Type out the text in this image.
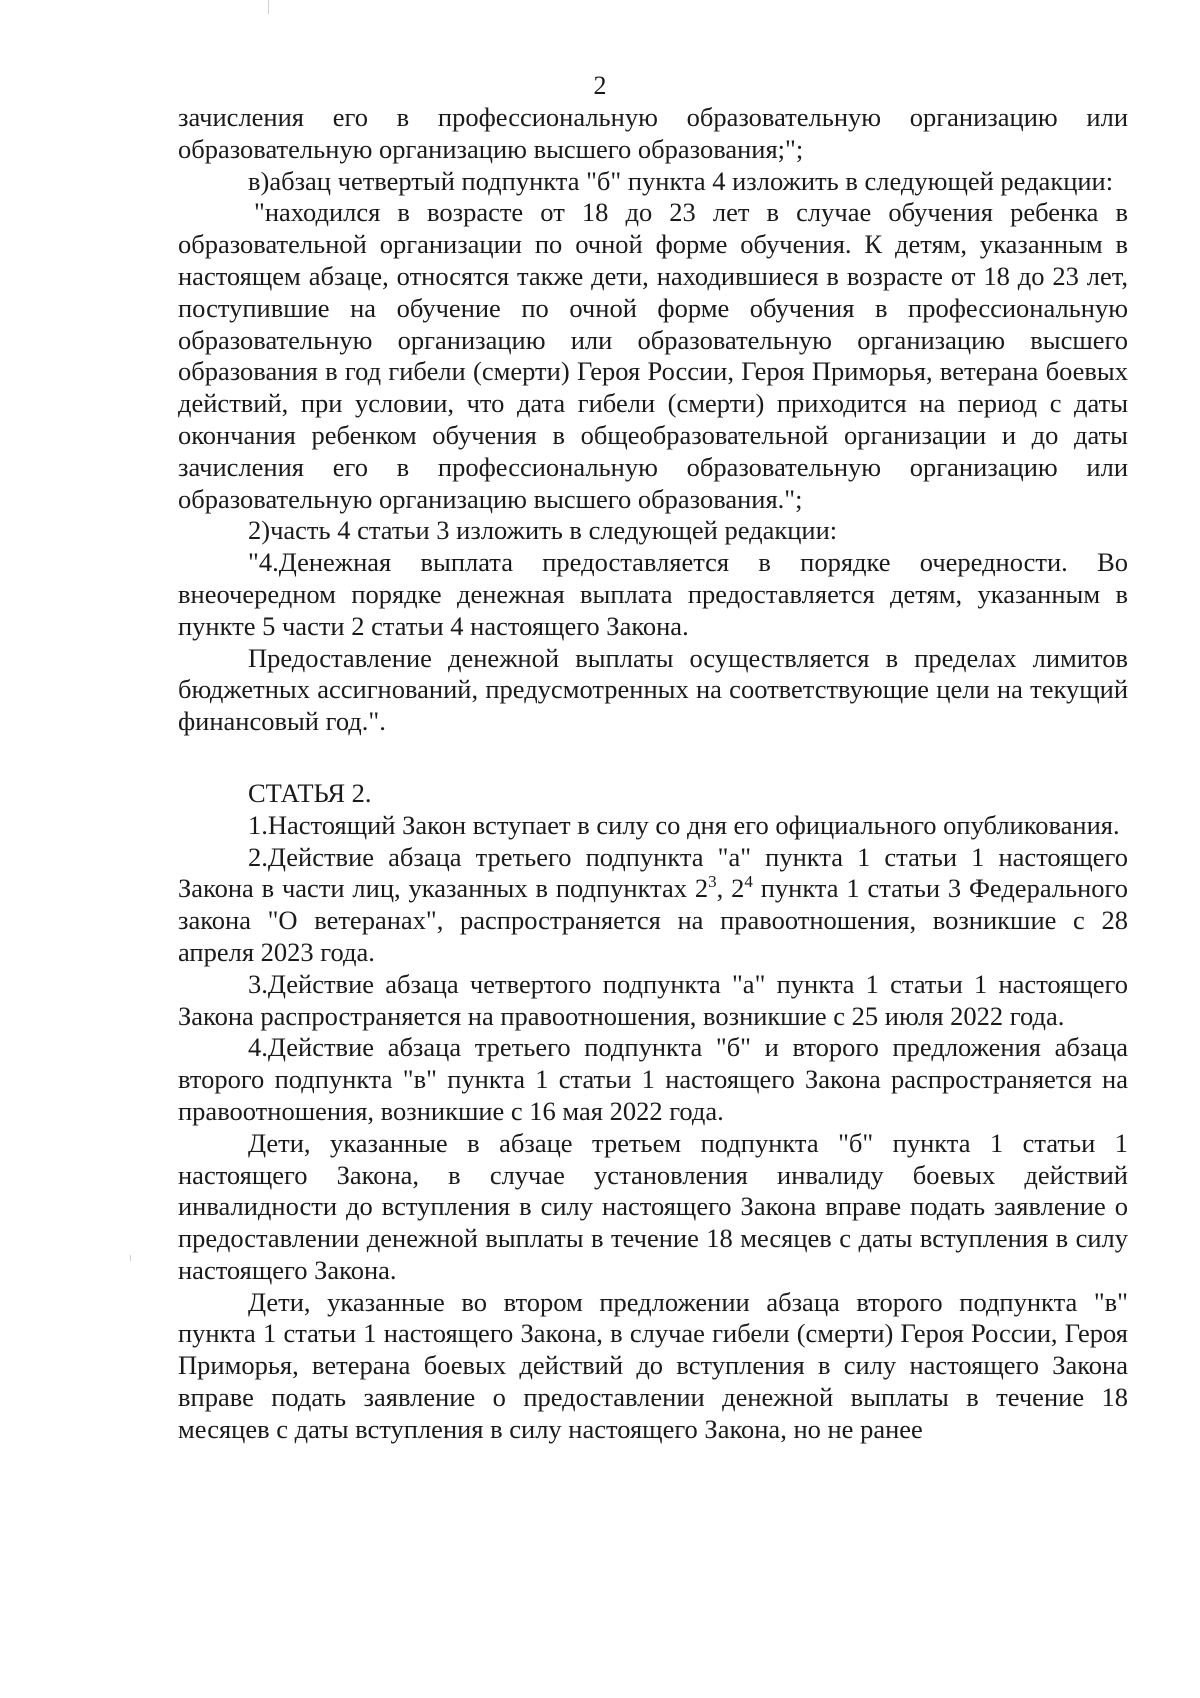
2

зачисления его в профессиональную образовательную организацию или образовательную организацию высшего образования;";

в)абзац четвертый подпункта "б" пункта 4 изложить в следующей редакции:

"находился в возрасте от 18 до 23 лет в случае обучения ребенка в образовательной организации по очной форме обучения. К детям, указанным в настоящем абзаце, относятся также дети, находившиеся в возрасте от 18 до 23 лет, поступившие на обучение по очной форме обучения в профессиональную образовательную организацию или образовательную организацию высшего образования в год гибели (смерти) Героя России, Героя Приморья, ветерана боевых действий, при условии, что дата гибели (смерти) приходится на период с даты окончания ребенком обучения в общеобразовательной организации и до даты зачисления его в профессиональную образовательную организацию или образовательную организацию высшего образования.";

2)часть 4 статьи 3 изложить в следующей редакции:

"4.Денежная выплата предоставляется в порядке очередности. Во внеочередном порядке денежная выплата предоставляется детям, указанным в пункте 5 части 2 статьи 4 настоящего Закона.

Предоставление денежной выплаты осуществляется в пределах лимитов бюджетных ассигнований, предусмотренных на соответствующие цели на текущий финансовый год.".

СТАТЬЯ 2.

1.Настоящий Закон вступает в силу со дня его официального опубликования.

2.Действие абзаца третьего подпункта "а" пункта 1 статьи 1 настоящего Закона в части лиц, указанных в подпунктах $2^3$, $2^4$ пункта 1 статьи 3 Федерального закона "О ветеранах", распространяется на правоотношения, возникшие с 28 апреля 2023 года.

3.Действие абзаца четвертого подпункта "а" пункта 1 статьи 1 настоящего Закона распространяется на правоотношения, возникшие с 25 июля 2022 года.

4.Действие абзаца третьего подпункта "б" и второго предложения абзаца второго подпункта "в" пункта 1 статьи 1 настоящего Закона распространяется на правоотношения, возникшие с 16 мая 2022 года.

Дети, указанные в абзаце третьем подпункта "б" пункта 1 статьи 1 настоящего Закона, в случае установления инвалиду боевых действий инвалидности до вступления в силу настоящего Закона вправе подать заявление о предоставлении денежной выплаты в течение 18 месяцев с даты вступления в силу настоящего Закона.

Дети, указанные во втором предложении абзаца второго подпункта "в" пункта 1 статьи 1 настоящего Закона, в случае гибели (смерти) Героя России, Героя Приморья, ветерана боевых действий до вступления в силу настоящего Закона вправе подать заявление о предоставлении денежной выплаты в течение 18 месяцев с даты вступления в силу настоящего Закона, но не ранее
